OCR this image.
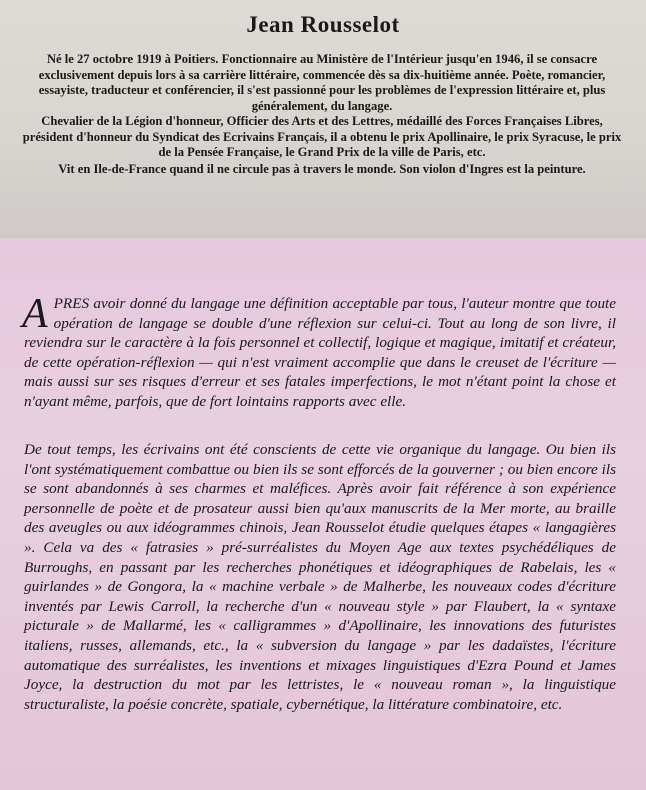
Jean Rousselot

Né le 27 octobre 1919 à Poitiers. Fonctionnaire au Ministère de l'Intérieur jusqu'en 1946, il se consacre exclusivement depuis lors à sa carrière littéraire, commencée dès sa dix-huitième année. Poète, romancier, essayiste, traducteur et conférencier, il s'est passionné pour les problèmes de l'expression littéraire et, plus généralement, du langage.

Chevalier de la Légion d'honneur, Officier des Arts et des Lettres, médaillé des Forces Françaises Libres, président d'honneur du Syndicat des Ecrivains Français, il a obtenu le prix Apollinaire, le prix Syracuse, le prix de la Pensée Française, le Grand Prix de la ville de Paris, etc.

Vit en Ile-de-France quand il ne circule pas à travers le monde. Son violon d'Ingres est la peinture.

APRES avoir donné du langage une définition acceptable par tous, l'auteur montre que toute opération de langage se double d'une réflexion sur celui-ci. Tout au long de son livre, il reviendra sur le caractère à la fois personnel et collectif, logique et magique, imitatif et créateur, de cette opération-réflexion — qui n'est vraiment accomplie que dans le creuset de l'écriture — mais aussi sur ses risques d'erreur et ses fatales imperfections, le mot n'étant point la chose et n'ayant même, parfois, que de fort lointains rapports avec elle.

De tout temps, les écrivains ont été conscients de cette vie organique du langage. Ou bien ils l'ont systématiquement combattue ou bien ils se sont efforcés de la gouverner ; ou bien encore ils se sont abandonnés à ses charmes et maléfices. Après avoir fait référence à son expérience personnelle de poète et de prosateur aussi bien qu'aux manuscrits de la Mer morte, au braille des aveugles ou aux idéogrammes chinois, Jean Rousselot étudie quelques étapes « langagières ». Cela va des « fatrasies » pré-surréalistes du Moyen Age aux textes psychédéliques de Burroughs, en passant par les recherches phonétiques et idéographiques de Rabelais, les « guirlandes » de Gongora, la « machine verbale » de Malherbe, les nouveaux codes d'écriture inventés par Lewis Carroll, la recherche d'un « nouveau style » par Flaubert, la « syntaxe picturale » de Mallarmé, les « calligrammes » d'Apollinaire, les innovations des futuristes italiens, russes, allemands, etc., la « subversion du langage » par les dadaïstes, l'écriture automatique des surréalistes, les inventions et mixages linguistiques d'Ezra Pound et James Joyce, la destruction du mot par les lettristes, le « nouveau roman », la linguistique structuraliste, la poésie concrète, spatiale, cybernétique, la littérature combinatoire, etc.
